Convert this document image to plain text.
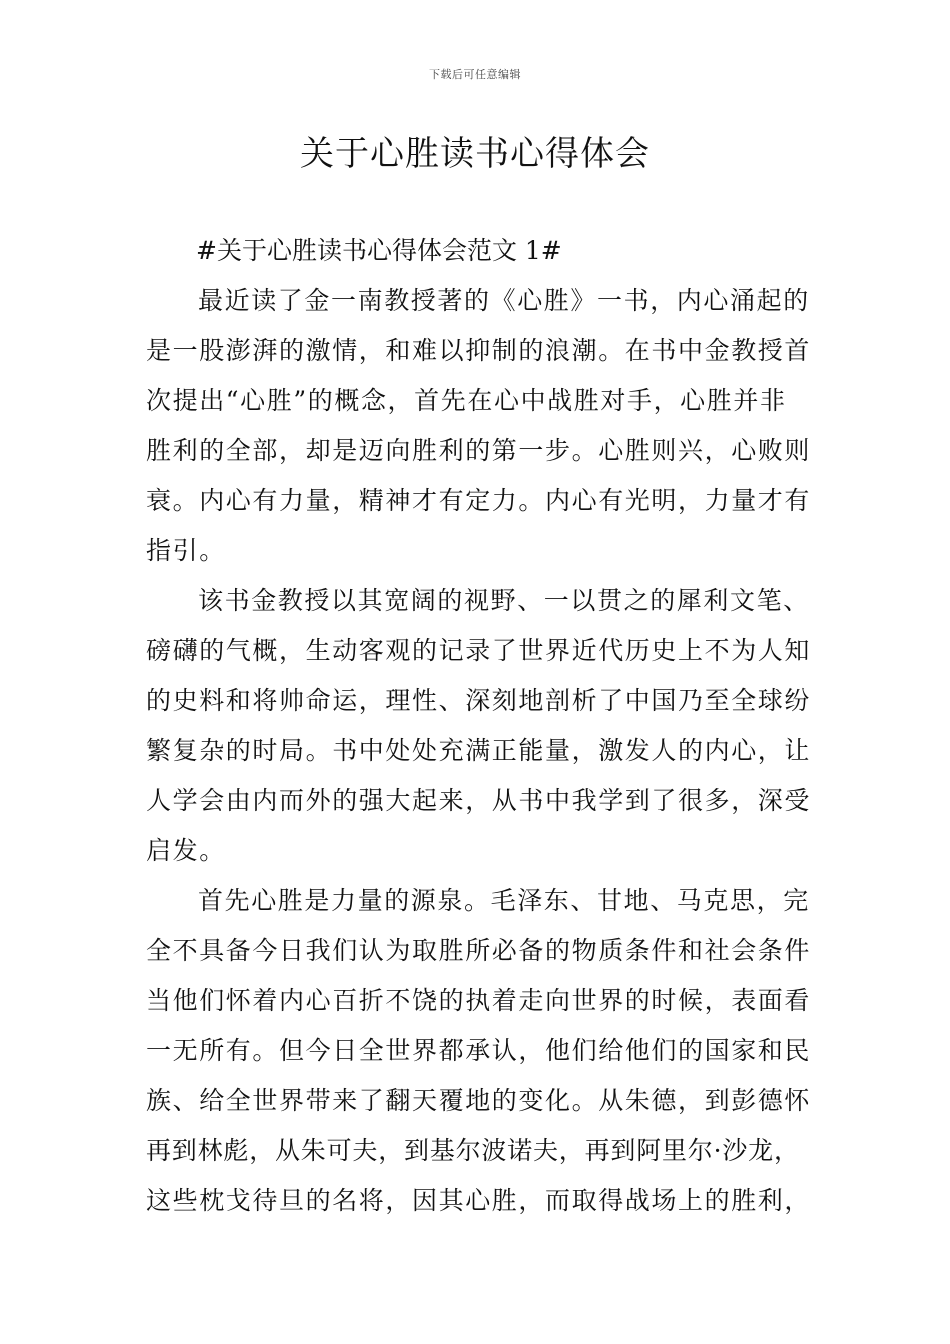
下载后可任意编辑
关于心胜读书心得体会

#关于心胜读书心得体会范文 1#

最近读了金一南教授著的《心胜》一书，内心涌起的
是一股澎湃的激情，和难以抑制的浪潮。在书中金教授首
次提出“心胜”的概念，首先在心中战胜对手，心胜并非
胜利的全部，却是迈向胜利的第一步。心胜则兴，心败则
衰。内心有力量，精神才有定力。内心有光明，力量才有
指引。

该书金教授以其宽阔的视野、一以贯之的犀利文笔、
磅礴的气概，生动客观的记录了世界近代历史上不为人知
的史料和将帅命运，理性、深刻地剖析了中国乃至全球纷
繁复杂的时局。书中处处充满正能量，激发人的内心，让
人学会由内而外的强大起来，从书中我学到了很多，深受
启发。

首先心胜是力量的源泉。毛泽东、甘地、马克思，完
全不具备今日我们认为取胜所必备的物质条件和社会条件
当他们怀着内心百折不饶的执着走向世界的时候，表面看
一无所有。但今日全世界都承认，他们给他们的国家和民
族、给全世界带来了翻天覆地的变化。从朱德，到彭德怀
再到林彪，从朱可夫，到基尔波诺夫，再到阿里尔·沙龙，
这些枕戈待旦的名将，因其心胜，而取得战场上的胜利，
